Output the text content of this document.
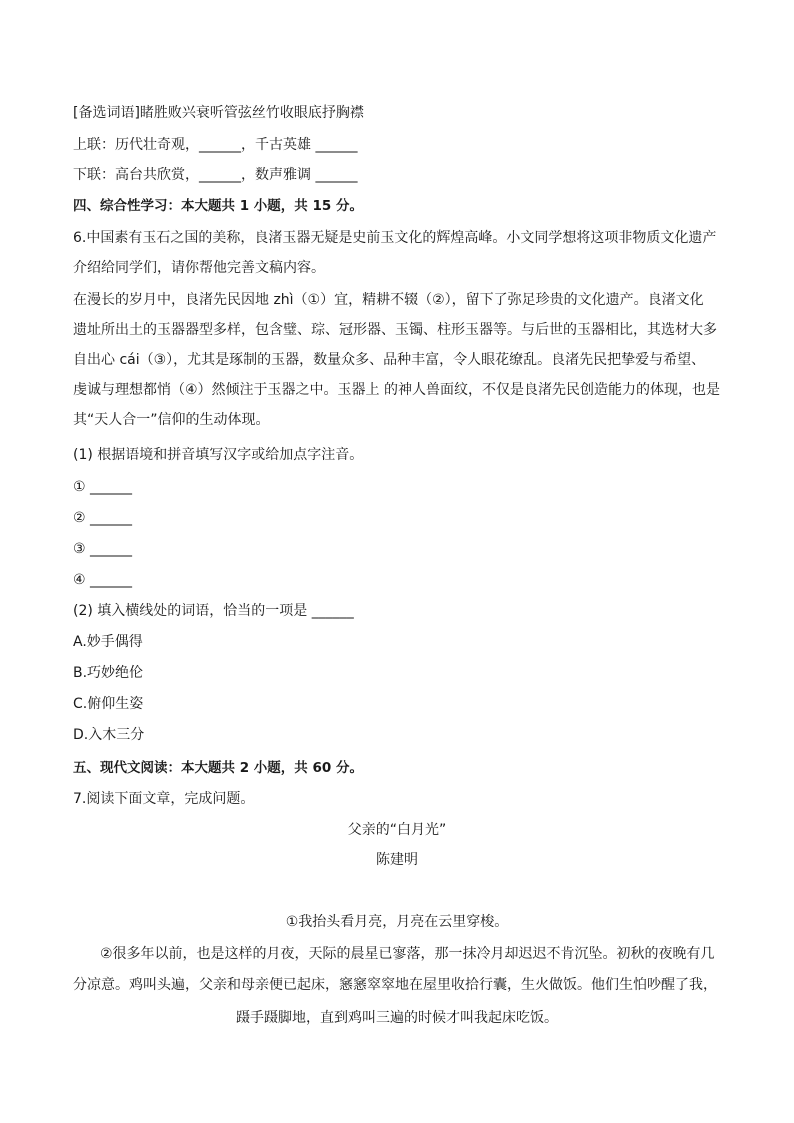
[备选词语]睹胜败兴衰听管弦丝竹收眼底抒胸襟
上联：历代壮奇观，______，千古英雄 ______
下联：高台共欣赏，______，数声雅调 ______
四、综合性学习：本大题共 1 小题，共 15 分。
6.中国素有玉石之国的美称，良渚玉器无疑是史前玉文化的辉煌高峰。小文同学想将这项非物质文化遗产
介绍给同学们，请你帮他完善文稿内容。
在漫长的岁月中，良渚先民因地 zhì（①）宜，精耕不辍（②），留下了弥足珍贵的文化遗产。良渚文化
遗址所出土的玉器器型多样，包含璧、琮、冠形器、玉镯、柱形玉器等。与后世的玉器相比，其选材大多
自出心 cái（③），尤其是琢制的玉器，数量众多、品种丰富，令人眼花缭乱。良渚先民把挚爱与希望、
虔诚与理想都悄（④）然倾注于玉器之中。玉器上 的神人兽面纹，不仅是良渚先民创造能力的体现，也是
其“天人合一”信仰的生动体现。
(1) 根据语境和拼音填写汉字或给加点字注音。
① ______
② ______
③ ______
④ ______
(2) 填入横线处的词语，恰当的一项是 ______
A.妙手偶得
B.巧妙绝伦
C.俯仰生姿
D.入木三分
五、现代文阅读：本大题共 2 小题，共 60 分。
7.阅读下面文章，完成问题。
父亲的“白月光”
陈建明
①我抬头看月亮，月亮在云里穿梭。
②很多年以前，也是这样的月夜，天际的晨星已寥落，那一抹冷月却迟迟不肯沉坠。初秋的夜晚有几
分凉意。鸡叫头遍，父亲和母亲便已起床，窸窸窣窣地在屋里收拾行囊，生火做饭。他们生怕吵醒了我，
蹑手蹑脚地，直到鸡叫三遍的时候才叫我起床吃饭。
